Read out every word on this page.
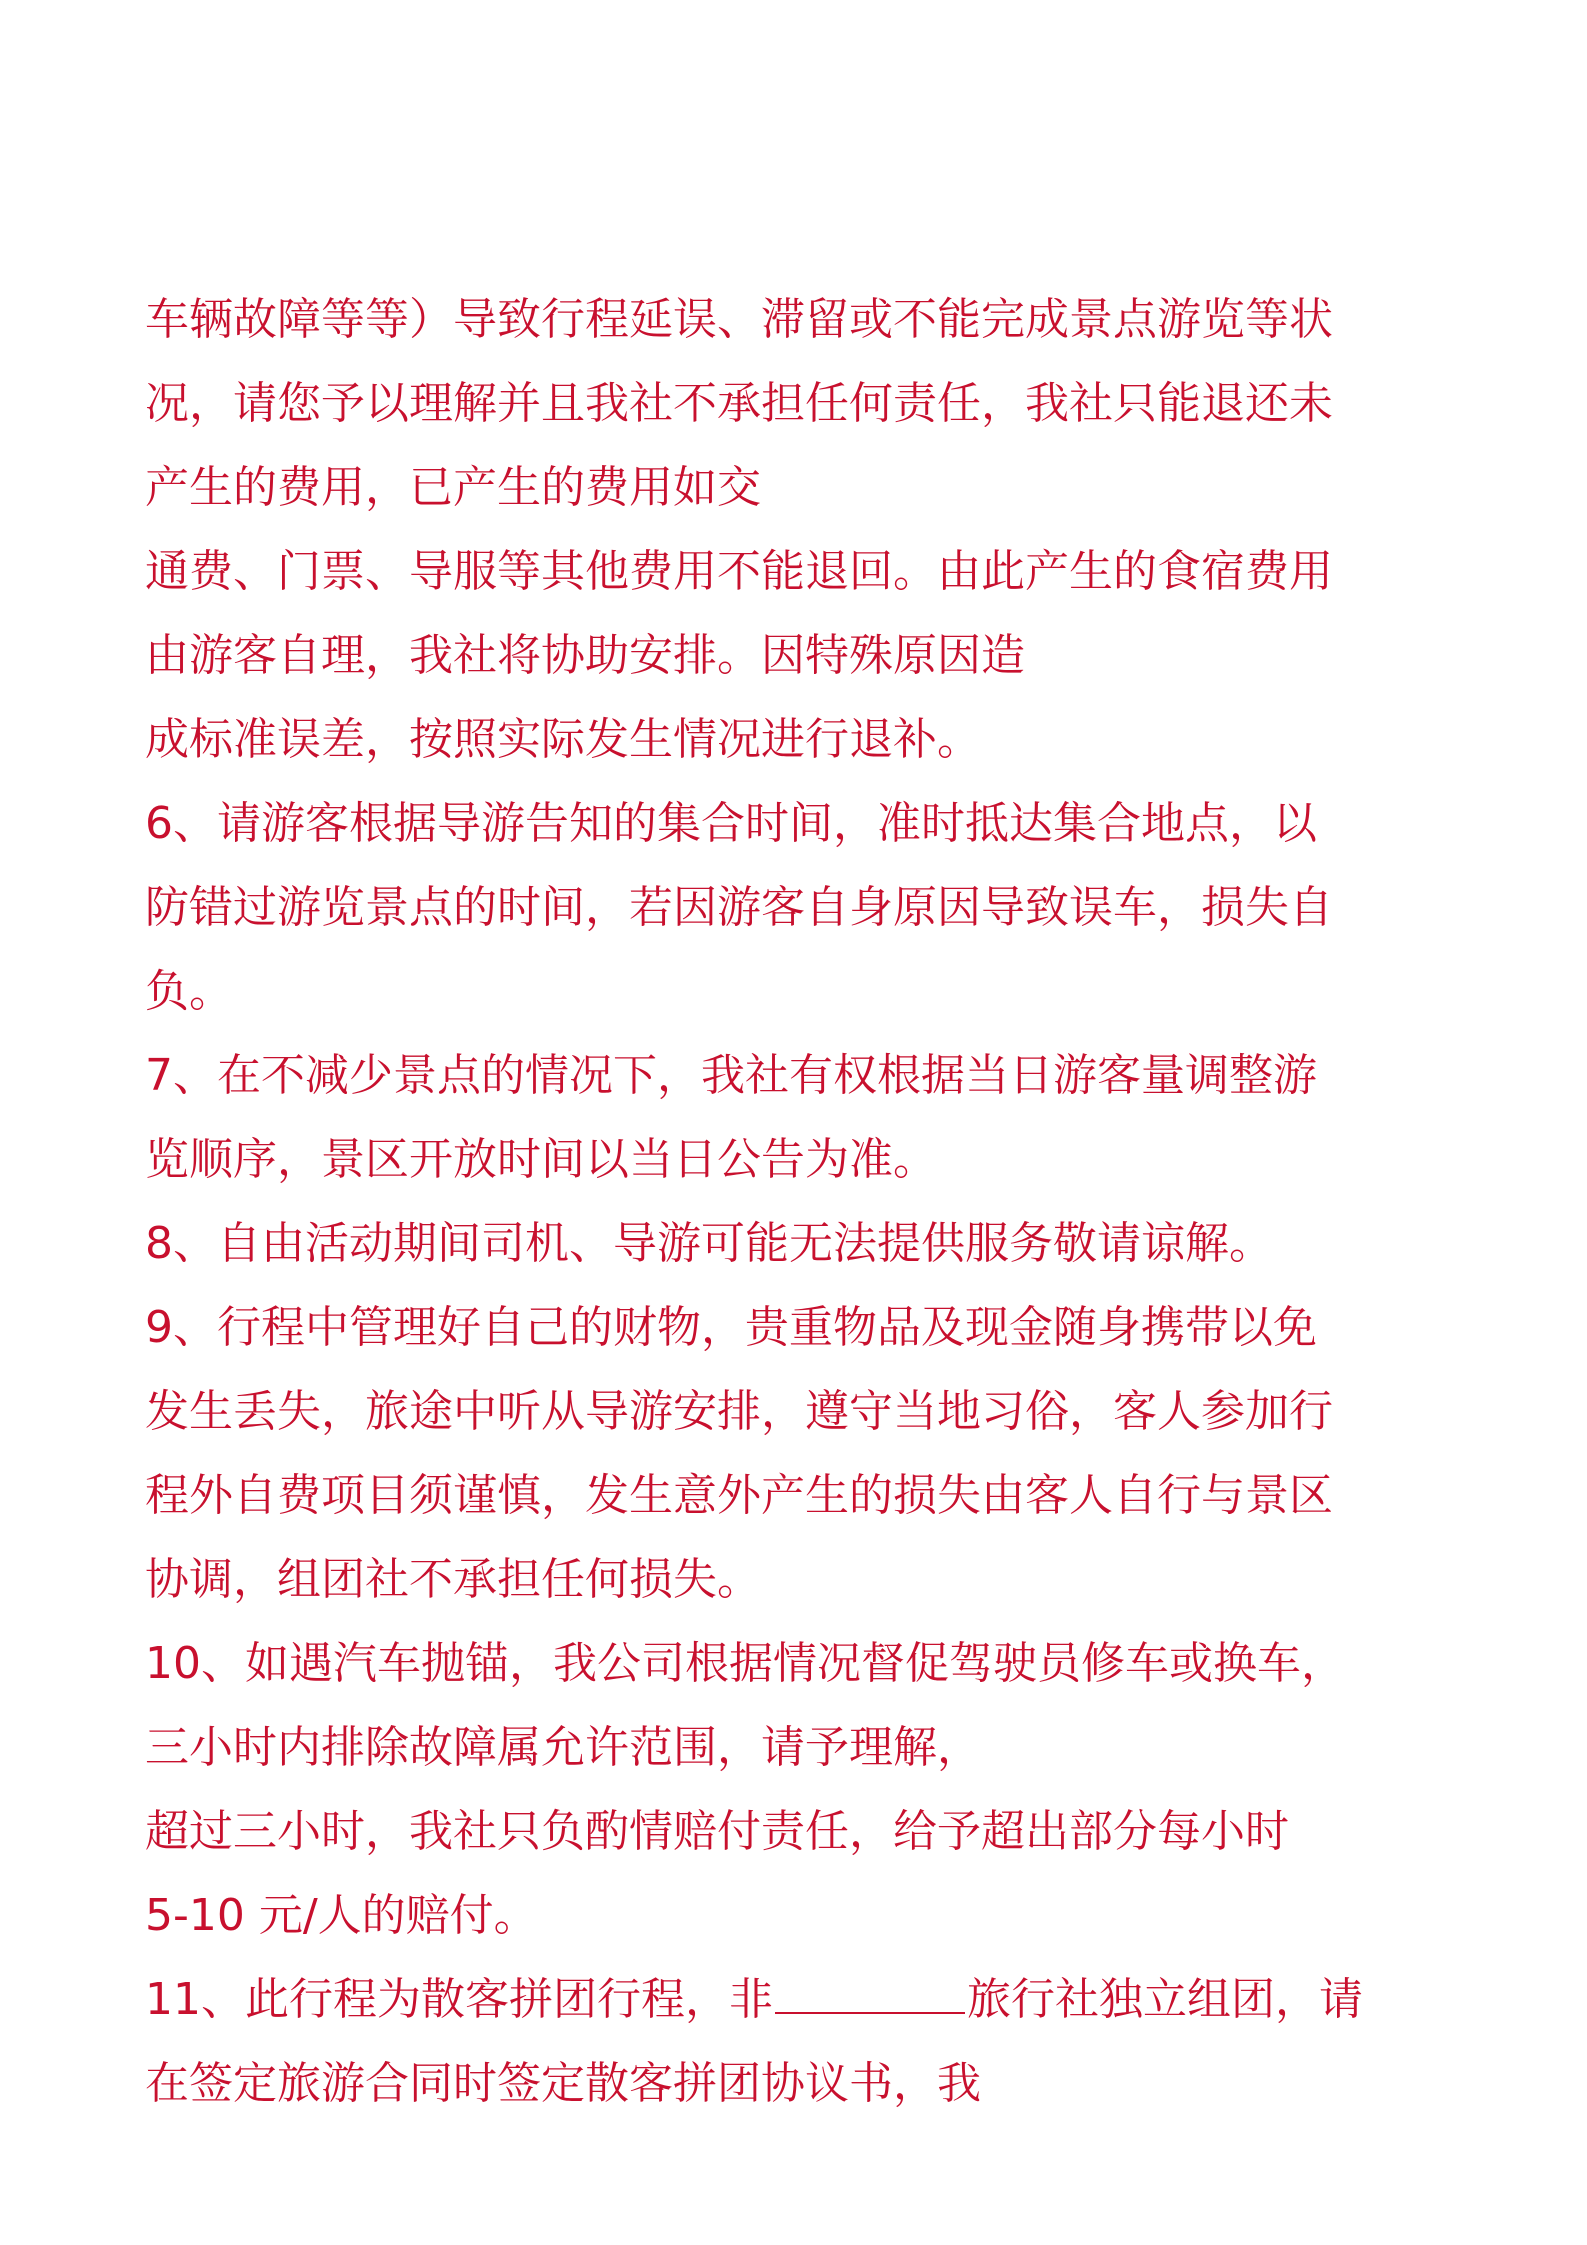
车辆故障等等）导致行程延误、滞留或不能完成景点游览等状
况，请您予以理解并且我社不承担任何责任，我社只能退还未
产生的费用，已产生的费用如交
通费、门票、导服等其他费用不能退回。由此产生的食宿费用
由游客自理，我社将协助安排。因特殊原因造
成标准误差，按照实际发生情况进行退补。
6、请游客根据导游告知的集合时间，准时抵达集合地点，以
防错过游览景点的时间，若因游客自身原因导致误车，损失自
负。
7、在不减少景点的情况下，我社有权根据当日游客量调整游
览顺序，景区开放时间以当日公告为准。
8、自由活动期间司机、导游可能无法提供服务敬请谅解。
9、行程中管理好自己的财物，贵重物品及现金随身携带以免
发生丢失，旅途中听从导游安排，遵守当地习俗，客人参加行
程外自费项目须谨慎，发生意外产生的损失由客人自行与景区
协调，组团社不承担任何损失。
10、如遇汽车抛锚，我公司根据情况督促驾驶员修车或换车，
三小时内排除故障属允许范围，请予理解，
超过三小时，我社只负酌情赔付责任，给予超出部分每小时
5-10 元/人的赔付。
11、此行程为散客拼团行程，非	旅行社独立组团，请
在签定旅游合同时签定散客拼团协议书，我
